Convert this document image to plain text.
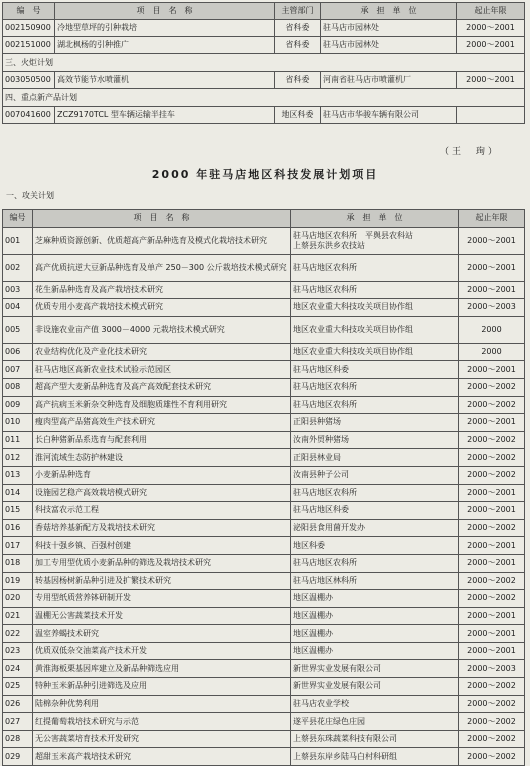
编　号	项　目　名　称	主管部门	承　担　单　位	起止年限
002150900	冷地型草坪的引种栽培	省科委	驻马店市园林处	2000～2001
002151000	湖北枫杨的引种推广	省科委	驻马店市园林处	2000～2001
三、火炬计划				
003050500	高效节能节水喷灌机	省科委	河南省驻马店市喷灌机厂	2000～2001
四、重点新产品计划				
007041600	ZCZ9170TCL 型车辆运输半挂车	地区科委	驻马店市华骏车辆有限公司	
（王　珣）
2000 年驻马店地区科技发展计划项目
一、攻关计划
编号	项　目　名　称	承　担　单　位	起止年限
001	芝麻种质资源创新、优质超高产新品种选育及模式化栽培技术研究	驻马店地区农科所　平舆县农科站
上蔡县东洪乡农技站	2000～2001
002	高产优质抗逆大豆新品种选育及单产 250－300 公斤栽培技术模式研究	驻马店地区农科所	2000～2001
003	花生新品种选育及高产栽培技术研究	驻马店地区农科所	2000～2001
004	优质专用小麦高产栽培技术模式研究	地区农业重大科技攻关项目协作组	2000～2003
005	非设施农业亩产值 3000－4000 元栽培技术模式研究	地区农业重大科技攻关项目协作组	2000
006	农业结构优化及产业化技术研究	地区农业重大科技攻关项目协作组	2000
007	驻马店地区高新农业技术试验示范园区	驻马店地区科委	2000～2001
008	超高产型大麦新品种选育及高产高效配套技术研究	驻马店地区农科所	2000～2002
009	高产抗病玉米新杂交种选育及细胞质雄性不育利用研究	驻马店地区农科所	2000～2002
010	瘦肉型高产品猪高效生产技术研究	正阳县种猪场	2000～2001
011	长白种猪新品系选育与配套利用	汝南外贸种猪场	2000～2002
012	淮河流域生态防护林建设	正阳县林业局	2000～2002
013	小麦新品种选育	汝南县种子公司	2000～2002
014	设施园艺稳产高效栽培模式研究	驻马店地区农科所	2000～2001
015	科技富农示范工程	驻马店地区科委	2000～2001
016	香菇培养基新配方及栽培技术研究	泌阳县食用菌开发办	2000～2002
017	科技十强乡镇、百强村创建	地区科委	2000～2001
018	加工专用型优质小麦新品种的筛选及栽培技术研究	驻马店地区农科所	2000～2001
019	转基因杨树新品种引进及扩繁技术研究	驻马店地区林科所	2000～2002
020	专用型纸质营养钵研制开发	地区温棚办	2000～2002
021	温棚无公害蔬菜技术开发	地区温棚办	2000～2001
022	温室养蝎技术研究	地区温棚办	2000～2001
023	优质双低杂交油菜高产技术开发	地区温棚办	2000～2001
024	黄淮海板栗基因库建立及新品种筛选应用	新世界实业发展有限公司	2000～2003
025	特种玉米新品种引进筛选及应用	新世界实业发展有限公司	2000～2002
026	陆棉杂种优势利用	驻马店农业学校	2000～2002
027	红提葡萄栽培技术研究与示范	遂平县花庄绿色庄园	2000～2002
028	无公害蔬菜培育技术开发研究	上蔡县东珠蔬菜科技有限公司	2000～2002
029	超甜玉米高产栽培技术研究	上蔡县东岸乡陆马白村科研组	2000～2002
